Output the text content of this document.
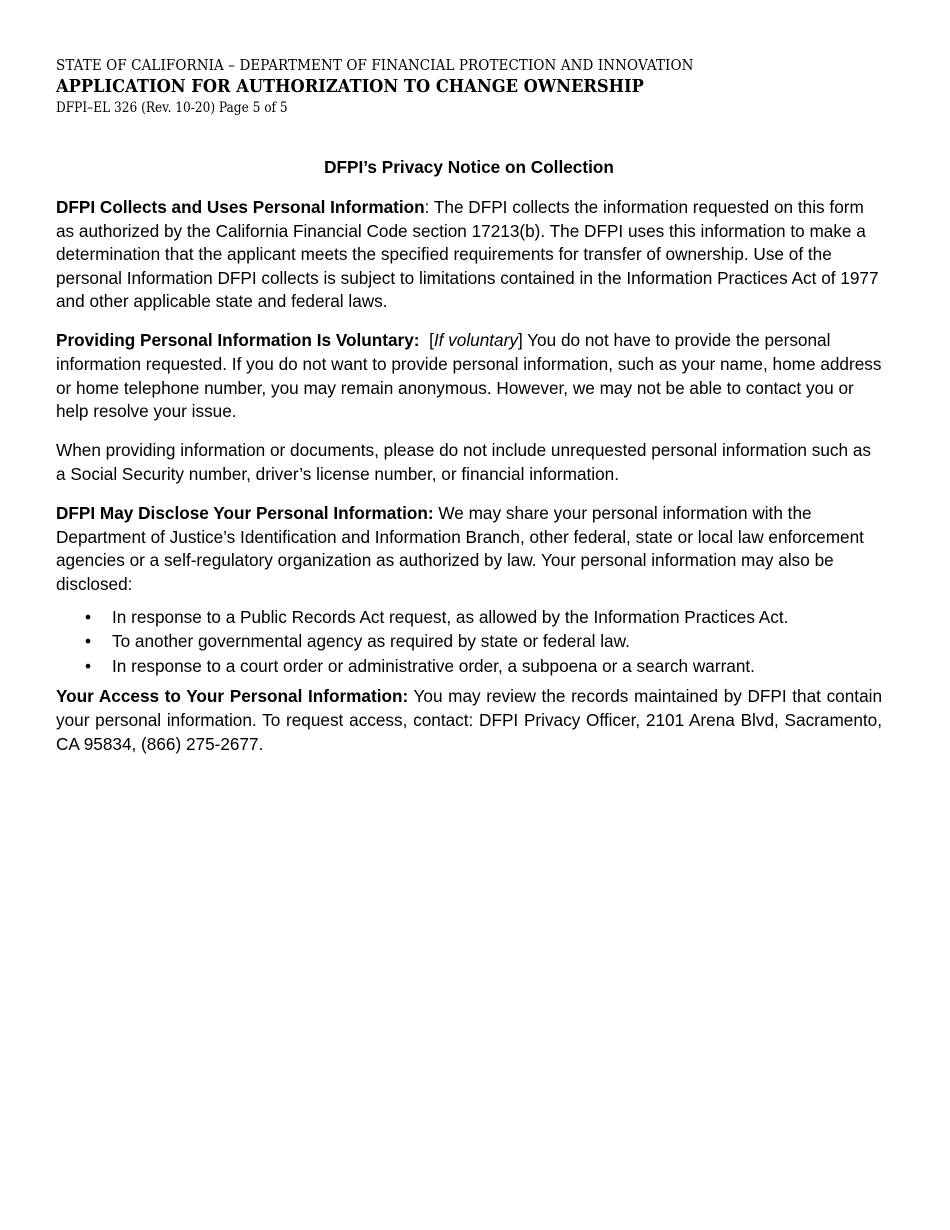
STATE OF CALIFORNIA – DEPARTMENT OF FINANCIAL PROTECTION AND INNOVATION
APPLICATION FOR AUTHORIZATION TO CHANGE OWNERSHIP
DFPI–EL 326 (Rev. 10-20) Page 5 of 5
DFPI’s Privacy Notice on Collection

DFPI Collects and Uses Personal Information: The DFPI collects the information requested on this form as authorized by the California Financial Code section 17213(b). The DFPI uses this information to make a determination that the applicant meets the specified requirements for transfer of ownership. Use of the personal Information DFPI collects is subject to limitations contained in the Information Practices Act of 1977 and other applicable state and federal laws.

Providing Personal Information Is Voluntary:  [If voluntary] You do not have to provide the personal information requested. If you do not want to provide personal information, such as your name, home address or home telephone number, you may remain anonymous. However, we may not be able to contact you or help resolve your issue.

When providing information or documents, please do not include unrequested personal information such as a Social Security number, driver’s license number, or financial information.

DFPI May Disclose Your Personal Information: We may share your personal information with the Department of Justice’s Identification and Information Branch, other federal, state or local law enforcement agencies or a self-regulatory organization as authorized by law. Your personal information may also be disclosed:

• In response to a Public Records Act request, as allowed by the Information Practices Act.
• To another governmental agency as required by state or federal law.
• In response to a court order or administrative order, a subpoena or a search warrant.

Your Access to Your Personal Information: You may review the records maintained by DFPI that contain your personal information. To request access, contact: DFPI Privacy Officer, 2101 Arena Blvd, Sacramento, CA 95834, (866) 275-2677.
